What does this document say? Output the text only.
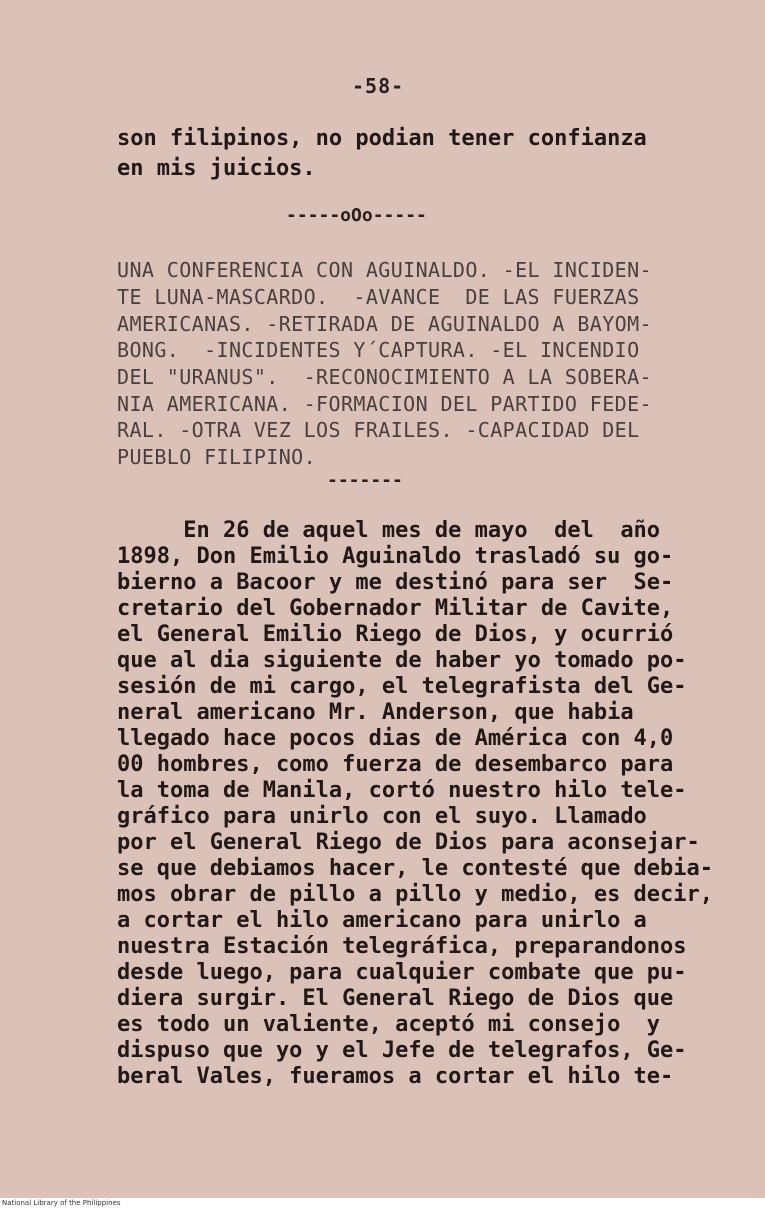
-58-
son filipinos, no podian tener confianza
en mis juicios.
-----oOo-----
UNA CONFERENCIA CON AGUINALDO. -EL INCIDEN-
TE LUNA-MASCARDO.  -AVANCE  DE LAS FUERZAS
AMERICANAS. -RETIRADA DE AGUINALDO A BAYOM-
BONG.  -INCIDENTES Y´CAPTURA. -EL INCENDIO
DEL "URANUS".  -RECONOCIMIENTO A LA SOBERA-
NIA AMERICANA. -FORMACION DEL PARTIDO FEDE-
RAL. -OTRA VEZ LOS FRAILES. -CAPACIDAD DEL
PUEBLO FILIPINO.
-------
En 26 de aquel mes de mayo  del  año
1898, Don Emilio Aguinaldo trasladó su go-
bierno a Bacoor y me destinó para ser  Se-
cretario del Gobernador Militar de Cavite,
el General Emilio Riego de Dios, y ocurrió
que al dia siguiente de haber yo tomado po-
sesión de mi cargo, el telegrafista del Ge-
neral americano Mr. Anderson, que habia
llegado hace pocos dias de América con 4,0
00 hombres, como fuerza de desembarco para
la toma de Manila, cortó nuestro hilo tele-
gráfico para unirlo con el suyo. Llamado
por el General Riego de Dios para aconsejar-
se que debiamos hacer, le contesté que debia-
mos obrar de pillo a pillo y medio, es decir,
a cortar el hilo americano para unirlo a
nuestra Estación telegráfica, preparandonos
desde luego, para cualquier combate que pu-
diera surgir. El General Riego de Dios que
es todo un valiente, aceptó mi consejo  y
dispuso que yo y el Jefe de telegrafos, Ge-
beral Vales, fueramos a cortar el hilo te-
National Library of the Philippines
